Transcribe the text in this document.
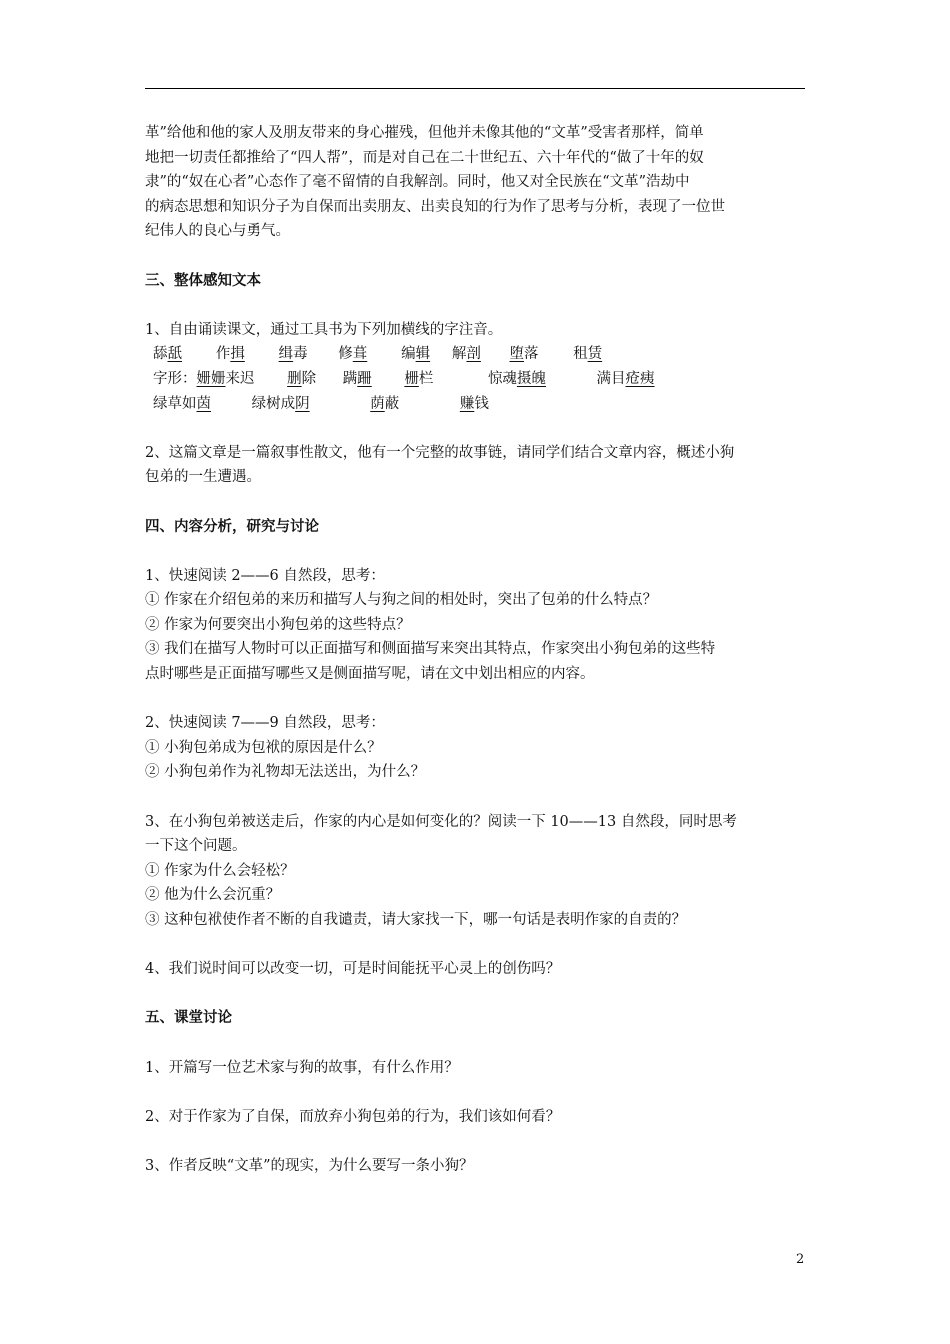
革”给他和他的家人及朋友带来的身心摧残，但他并未像其他的“文革”受害者那样，简单

地把一切责任都推给了“四人帮”，而是对自己在二十世纪五、六十年代的“做了十年的奴

隶”的“奴在心者”心态作了毫不留情的自我解剖。同时，他又对全民族在“文革”浩劫中

的病态思想和知识分子为自保而出卖朋友、出卖良知的行为作了思考与分析，表现了一位世

纪伟人的良心与勇气。

三、整体感知文本

1、自由诵读课文，通过工具书为下列加横线的字注音。

舔舐 作揖 缉毒 修葺 编辑 解剖 堕落 租赁
字形：姗姗来迟 删除 蹒跚 栅栏	惊魂摄魄	满目疮痍
绿草如茵	绿树成阴	荫蔽	赚钱

2、这篇文章是一篇叙事性散文，他有一个完整的故事链，请同学们结合文章内容，概述小狗

包弟的一生遭遇。

四、内容分析，研究与讨论

1、快速阅读 2——6 自然段，思考：

① 作家在介绍包弟的来历和描写人与狗之间的相处时，突出了包弟的什么特点？

② 作家为何要突出小狗包弟的这些特点？

③ 我们在描写人物时可以正面描写和侧面描写来突出其特点，作家突出小狗包弟的这些特

点时哪些是正面描写哪些又是侧面描写呢，请在文中划出相应的内容。

2、快速阅读 7——9 自然段，思考：

① 小狗包弟成为包袱的原因是什么？

② 小狗包弟作为礼物却无法送出，为什么？

3、在小狗包弟被送走后，作家的内心是如何变化的？阅读一下 10——13 自然段，同时思考

一下这个问题。

① 作家为什么会轻松？

② 他为什么会沉重？

③ 这种包袱使作者不断的自我谴责，请大家找一下，哪一句话是表明作家的自责的？

4、我们说时间可以改变一切，可是时间能抚平心灵上的创伤吗？

五、课堂讨论

1、开篇写一位艺术家与狗的故事，有什么作用？

2、对于作家为了自保，而放弃小狗包弟的行为，我们该如何看？

3、作者反映“文革”的现实，为什么要写一条小狗？

2
